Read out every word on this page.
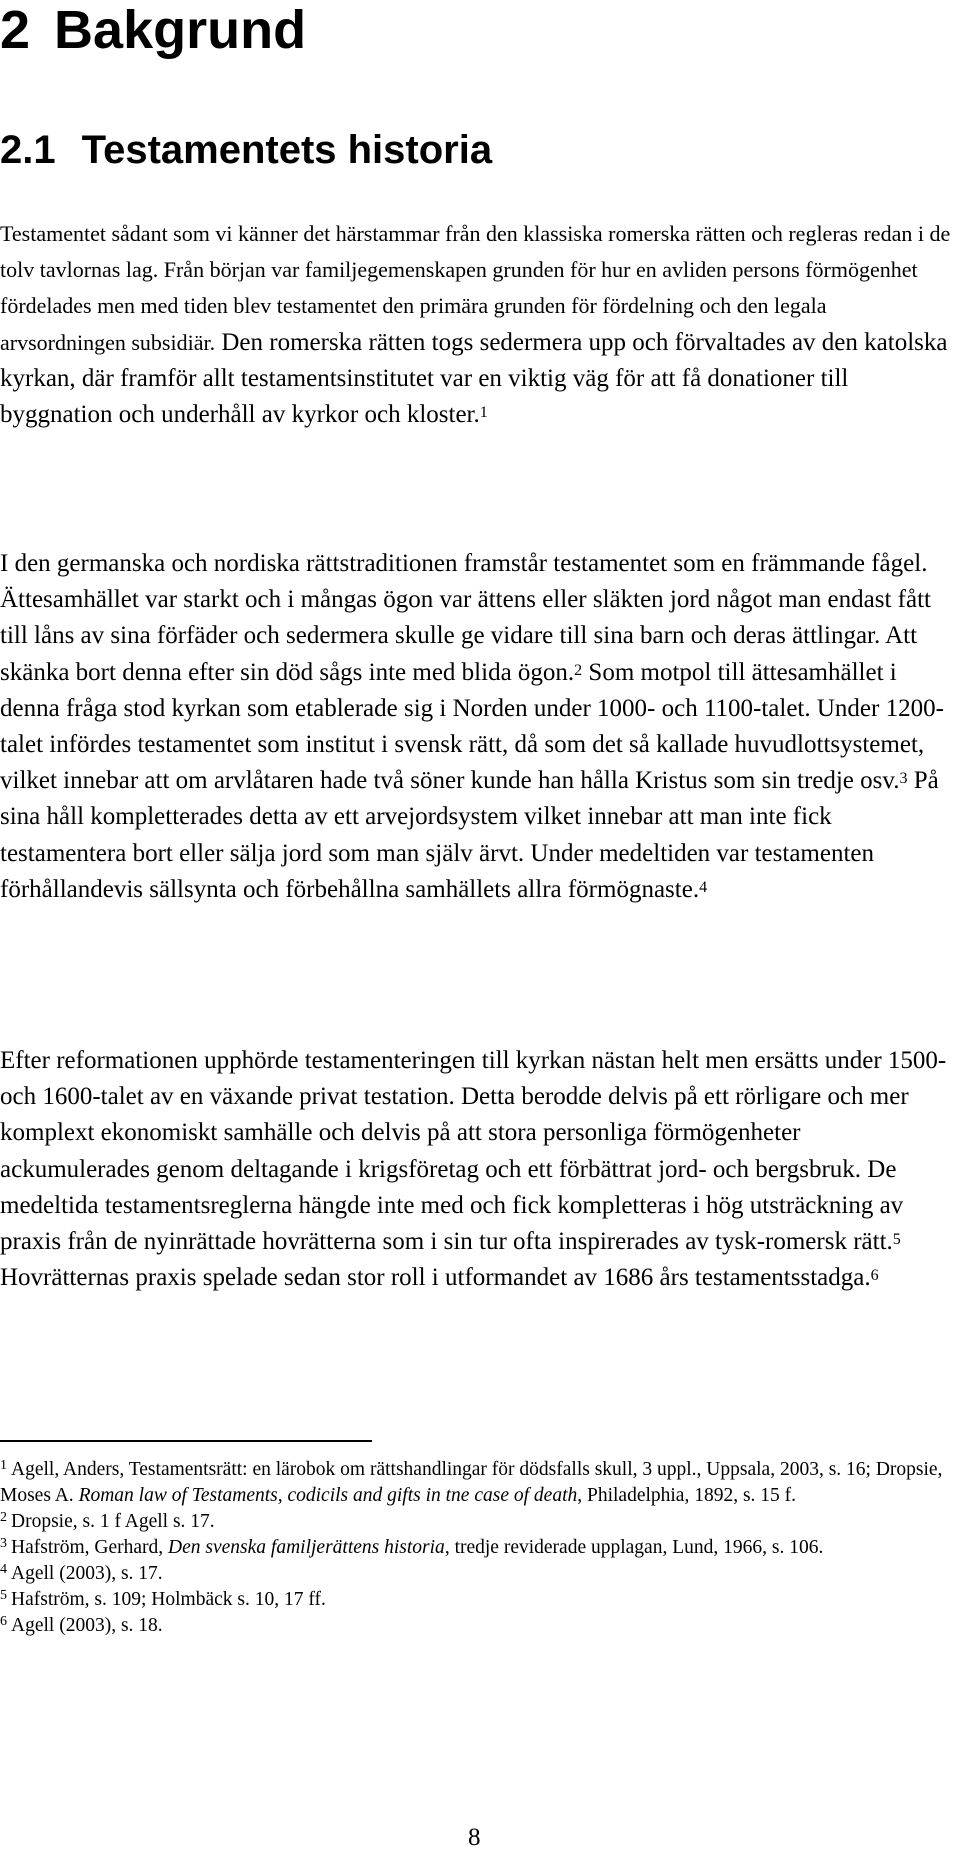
2 Bakgrund
2.1 Testamentets historia

Testamentet sådant som vi känner det härstammar från den klassiska romerska rätten och regleras redan i de tolv tavlornas lag. Från början var familjegemenskapen grunden för hur en avliden persons förmögenhet fördelades men med tiden blev testamentet den primära grunden för fördelning och den legala arvsordningen subsidiär. Den romerska rätten togs sedermera upp och förvaltades av den katolska kyrkan, där framför allt testamentsinstitutet var en viktig väg för att få donationer till byggnation och underhåll av kyrkor och kloster.$^1$

I den germanska och nordiska rättstraditionen framstår testamentet som en främmande fågel. Ättesamhället var starkt och i mångas ögon var ättens eller släkten jord något man endast fått till låns av sina förfäder och sedermera skulle ge vidare till sina barn och deras ättlingar. Att skänka bort denna efter sin död sågs inte med blida ögon.$^2$ Som motpol till ättesamhället i denna fråga stod kyrkan som etablerade sig i Norden under 1000- och 1100-talet. Under 1200-talet infördes testamentet som institut i svensk rätt, då som det så kallade huvudlottsystemet, vilket innebar att om arvlåtaren hade två söner kunde han hålla Kristus som sin tredje osv.$^3$ På sina håll kompletterades detta av ett arvejordsystem vilket innebar att man inte fick testamentera bort eller sälja jord som man själv ärvt. Under medeltiden var testamenten förhållandevis sällsynta och förbehållna samhällets allra förmögnaste.$^4$

Efter reformationen upphörde testamenteringen till kyrkan nästan helt men ersätts under 1500- och 1600-talet av en växande privat testation. Detta berodde delvis på ett rörligare och mer komplext ekonomiskt samhälle och delvis på att stora personliga förmögenheter ackumulerades genom deltagande i krigsföretag och ett förbättrat jord- och bergsbruk. De medeltida testamentsreglerna hängde inte med och fick kompletteras i hög utsträckning av praxis från de nyinrättade hovrätterna som i sin tur ofta inspirerades av tysk-romersk rätt.$^5$ Hovrätternas praxis spelade sedan stor roll i utformandet av 1686 års testamentsstadga.$^6$

$^1$ Agell, Anders, Testamentsrätt: en lärobok om rättshandlingar för dödsfalls skull, 3 uppl., Uppsala, 2003, s. 16; Dropsie, Moses A. Roman law of Testaments, codicils and gifts in tne case of death, Philadelphia, 1892, s. 15 f.

$^2$ Dropsie, s. 1 f Agell s. 17.

$^3$ Hafström, Gerhard, Den svenska familjerättens historia, tredje reviderade upplagan, Lund, 1966, s. 106.

$^4$ Agell (2003), s. 17.

$^5$ Hafström, s. 109; Holmbäck s. 10, 17 ff.

$^6$ Agell (2003), s. 18.

8
